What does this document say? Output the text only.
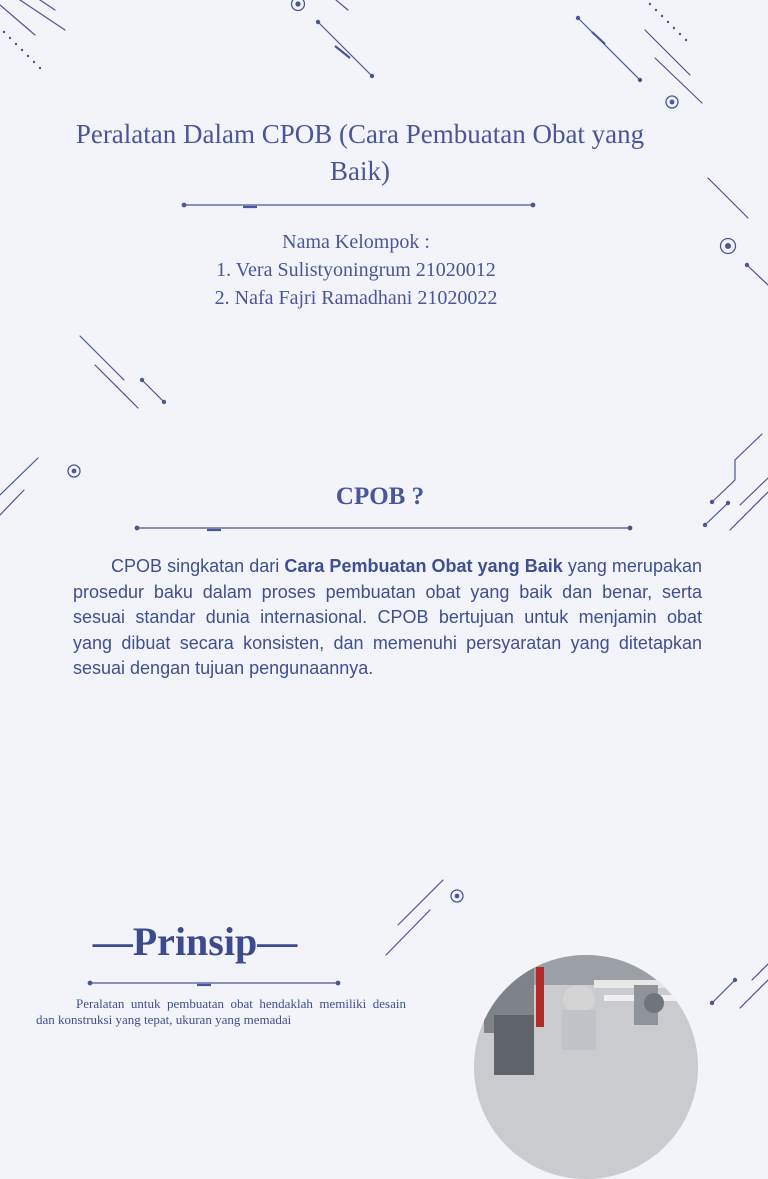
Peralatan Dalam CPOB (Cara Pembuatan Obat yang Baik)
Nama Kelompok :
1. Vera Sulistyoningrum 21020012
2. Nafa Fajri Ramadhani 21020022
CPOB ?

CPOB singkatan dari Cara Pembuatan Obat yang Baik yang merupakan prosedur baku dalam proses pembuatan obat yang baik dan benar, serta sesuai standar dunia internasional. CPOB bertujuan untuk menjamin obat yang dibuat secara konsisten, dan memenuhi persyaratan yang ditetapkan sesuai dengan tujuan pengunaannya.

—Prinsip—

Peralatan untuk pembuatan obat hendaklah memiliki desain dan konstruksi yang tepat, ukuran yang memadai
